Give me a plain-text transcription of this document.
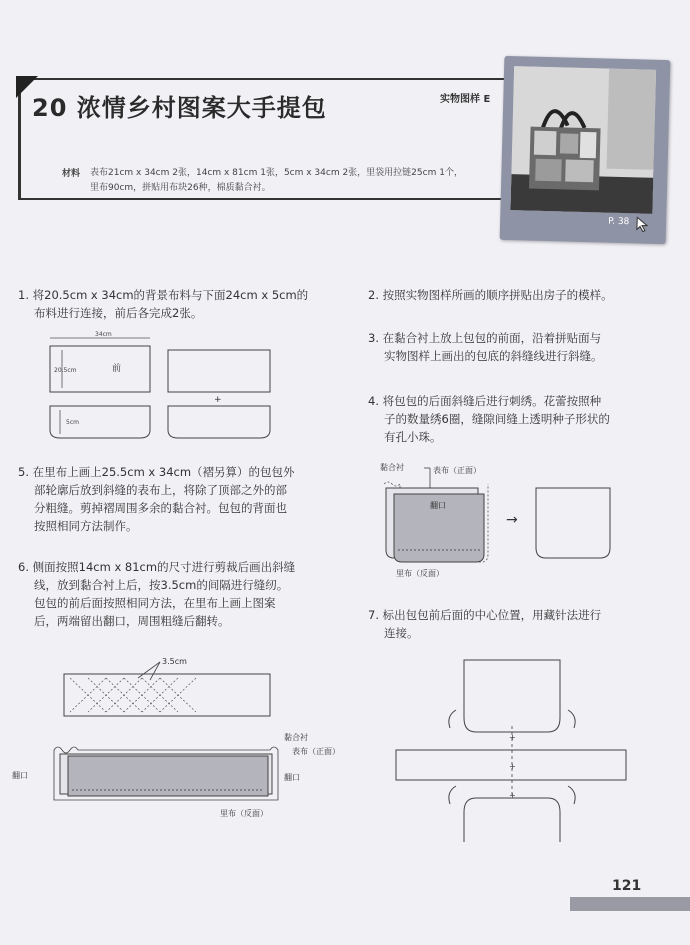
20 浓情乡村图案大手提包	实物图样 E
材料 表布21cm x 34cm 2张，14cm x 81cm 1张，5cm x 34cm 2张，里袋用拉链25cm 1个，
里布90cm，拼贴用布块26种，棉质黏合衬。
P. 38
1. 将20.5cm x 34cm的背景布料与下面24cm x 5cm的
布料进行连接，前后各完成2张。
34cm
20.5cm	前
5cm
+
2. 按照实物图样所画的顺序拼贴出房子的模样。
3. 在黏合衬上放上包包的前面，沿着拼贴面与
实物图样上画出的包底的斜缝线进行斜缝。
4. 将包包的后面斜缝后进行刺绣。花蕾按照种
子的数量绣6圈，缝隙间缝上透明种子形状的
有孔小珠。
黏合衬	表布（正面）
翻口
里布（反面）
→
5. 在里布上画上25.5cm x 34cm（褶另算）的包包外
部轮廓后放到斜缝的表布上，将除了顶部之外的部
分粗缝。剪掉褶周围多余的黏合衬。包包的背面也
按照相同方法制作。
6. 侧面按照14cm x 81cm的尺寸进行剪裁后画出斜缝
线，放到黏合衬上后，按3.5cm的间隔进行缝纫。
包包的前后面按照相同方法，在里布上画上图案
后，两端留出翻口，周围粗缝后翻转。
3.5cm
黏合衬
表布（正面）
翻口	翻口
里布（反面）
7. 标出包包前后面的中心位置，用藏针法进行
连接。
+
+
+
121
